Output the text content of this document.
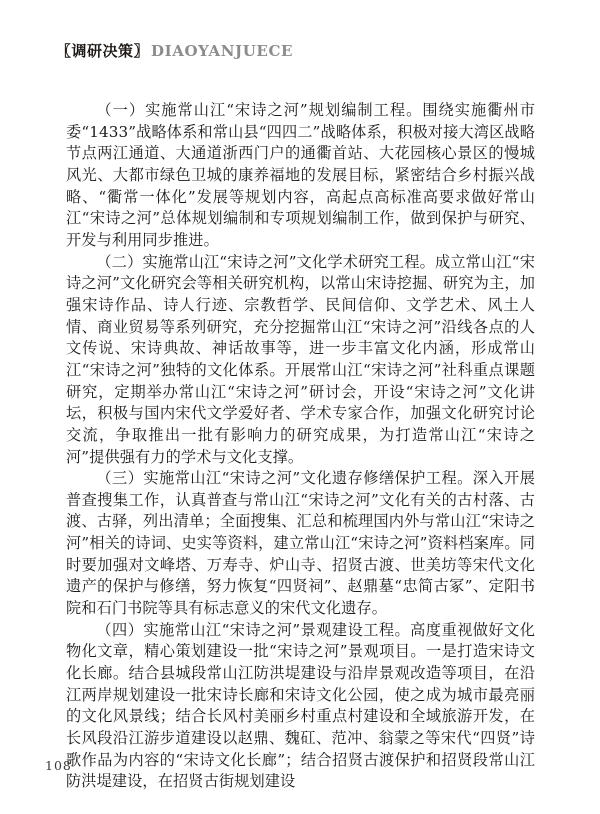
〖调研决策〗 DIAOYANJUECE

（一）实施常山江“宋诗之河”规划编制工程。围绕实施衢州市委“1433”战略体系和常山县“四四二”战略体系，积极对接大湾区战略节点两江通道、大通道浙西门户的通衢首站、大花园核心景区的慢城风光、大都市绿色卫城的康养福地的发展目标，紧密结合乡村振兴战略、“衢常一体化”发展等规划内容，高起点高标准高要求做好常山江“宋诗之河”总体规划编制和专项规划编制工作，做到保护与研究、开发与利用同步推进。

（二）实施常山江“宋诗之河”文化学术研究工程。成立常山江“宋诗之河”文化研究会等相关研究机构，以常山宋诗挖掘、研究为主，加强宋诗作品、诗人行迹、宗教哲学、民间信仰、文学艺术、风土人情、商业贸易等系列研究，充分挖掘常山江“宋诗之河”沿线各点的人文传说、宋诗典故、神话故事等，进一步丰富文化内涵，形成常山江“宋诗之河”独特的文化体系。开展常山江“宋诗之河”社科重点课题研究，定期举办常山江“宋诗之河”研讨会，开设“宋诗之河”文化讲坛，积极与国内宋代文学爱好者、学术专家合作，加强文化研究讨论交流，争取推出一批有影响力的研究成果，为打造常山江“宋诗之河”提供强有力的学术与文化支撑。

（三）实施常山江“宋诗之河”文化遗存修缮保护工程。深入开展普查搜集工作，认真普查与常山江“宋诗之河”文化有关的古村落、古渡、古驿，列出清单；全面搜集、汇总和梳理国内外与常山江“宋诗之河”相关的诗词、史实等资料，建立常山江“宋诗之河”资料档案库。同时要加强对文峰塔、万寿寺、炉山寺、招贤古渡、世美坊等宋代文化遗产的保护与修缮，努力恢复“四贤祠”、赵鼎墓“忠简古冢”、定阳书院和石门书院等具有标志意义的宋代文化遗存。

（四）实施常山江“宋诗之河”景观建设工程。高度重视做好文化物化文章，精心策划建设一批“宋诗之河”景观项目。一是打造宋诗文化长廊。结合县城段常山江防洪堤建设与沿岸景观改造等项目，在沿江两岸规划建设一批宋诗长廊和宋诗文化公园，使之成为城市最亮丽的文化风景线；结合长风村美丽乡村重点村建设和全域旅游开发，在长风段沿江游步道建设以赵鼎、魏矼、范冲、翁蒙之等宋代“四贤”诗歌作品为内容的“宋诗文化长廊”；结合招贤古渡保护和招贤段常山江防洪堤建设，在招贤古街规划建设

108
